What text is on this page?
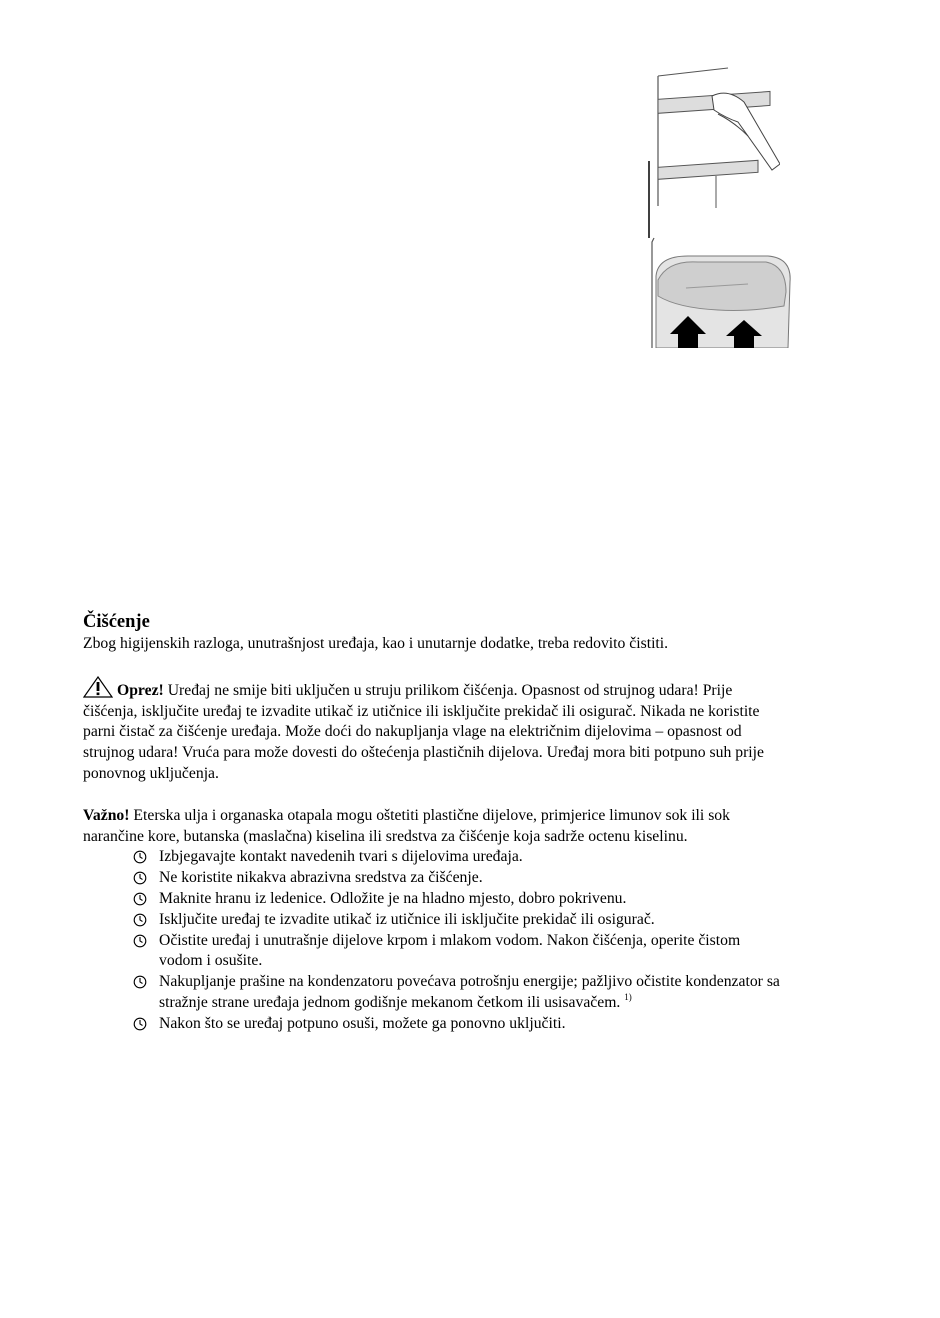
Čišćenje

Zbog higijenskih razloga, unutrašnjost uređaja, kao i unutarnje dodatke, treba redovito čistiti.

Oprez! Uređaj ne smije biti uključen u struju prilikom čišćenja. Opasnost od strujnog udara! Prije čišćenja, isključite uređaj te izvadite utikač iz utičnice ili isključite prekidač ili osigurač. Nikada ne koristite parni čistač za čišćenje uređaja. Može doći do nakupljanja vlage na električnim dijelovima – opasnost od strujnog udara! Vruća para može dovesti do oštećenja plastičnih dijelova. Uređaj mora biti potpuno suh prije ponovnog uključenja.

Važno! Eterska ulja i organaska otapala mogu oštetiti plastične dijelove, primjerice limunov sok ili sok narančine kore, butanska (maslačna) kiselina ili sredstva za čišćenje koja sadrže octenu kiselinu.

Izbjegavajte kontakt navedenih tvari s dijelovima uređaja.
Ne koristite nikakva abrazivna sredstva za čišćenje.
Maknite hranu iz ledenice. Odložite je na hladno mjesto, dobro pokrivenu.
Isključite uređaj te izvadite utikač iz utičnice ili isključite prekidač ili osigurač.
Očistite uređaj i unutrašnje dijelove krpom i mlakom vodom. Nakon čišćenja, operite čistom vodom i osušite.
Nakupljanje prašine na kondenzatoru povećava potrošnju energije; pažljivo očistite kondenzator sa stražnje strane uređaja jednom godišnje mekanom četkom ili usisavačem. $^{1)}$
Nakon što se uređaj potpuno osuši, možete ga ponovno uključiti.
